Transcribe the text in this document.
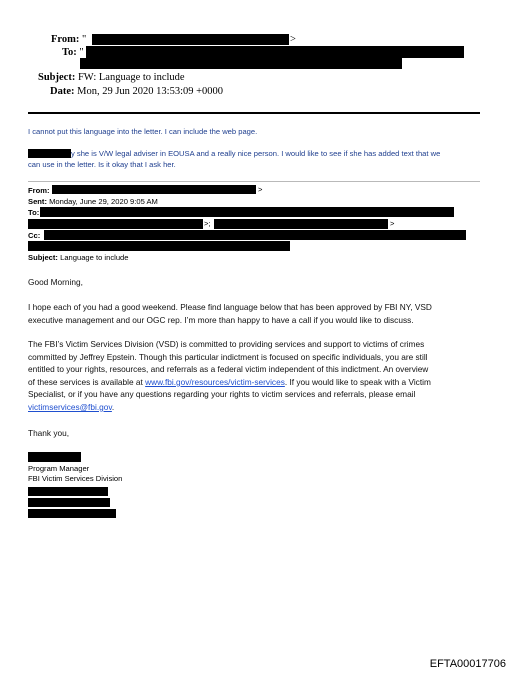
From: "	>
To: "
Subject: FW: Language to include
Date: Mon, 29 Jun 2020 13:53:09 +0000
I cannot put this language into the letter. I can include the web page.
y she is V/W legal adviser in EOUSA and a really nice person. I would like to see if she has added text that we
can use in the letter. Is it okay that I ask her.
From:	>
Sent: Monday, June 29, 2020 9:05 AM
To:
>;	>
Cc:
Subject: Language to include
Good Morning,
I hope each of you had a good weekend. Please find language below that has been approved by FBI NY, VSD
executive management and our OGC rep. I’m more than happy to have a call if you would like to discuss.
The FBI’s Victim Services Division (VSD) is committed to providing services and support to victims of crimes
committed by Jeffrey Epstein. Though this particular indictment is focused on specific individuals, you are still
entitled to your rights, resources, and referrals as a federal victim independent of this indictment. An overview
of these services is available at www.fbi.gov/resources/victim-services. If you would like to speak with a Victim
Specialist, or if you have any questions regarding your rights to victim services and referrals, please email
victimservices@fbi.gov.
Thank you,
Program Manager
FBI Victim Services Division
EFTA00017706
